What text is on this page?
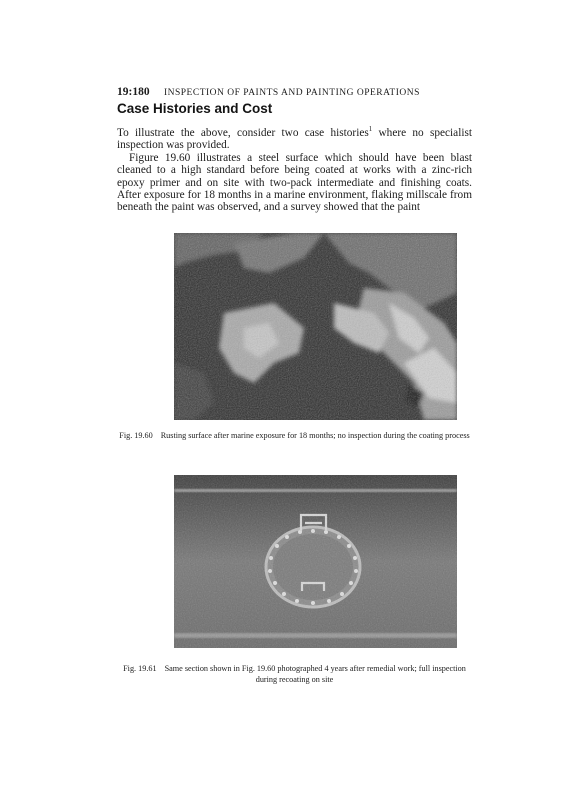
19:180 INSPECTION OF PAINTS AND PAINTING OPERATIONS
Case Histories and Cost

To illustrate the above, consider two case histories$^1$ where no specialist inspection was provided.

Figure 19.60 illustrates a steel surface which should have been blast cleaned to a high standard before being coated at works with a zinc-rich epoxy primer and on site with two-pack intermediate and finishing coats. After exposure for 18 months in a marine environment, flaking millscale from beneath the paint was observed, and a survey showed that the paint

Fig. 19.60 Rusting surface after marine exposure for 18 months; no inspection during the coating process
Fig. 19.61 Same section shown in Fig. 19.60 photographed 4 years after remedial work; full inspection during recoating on site
